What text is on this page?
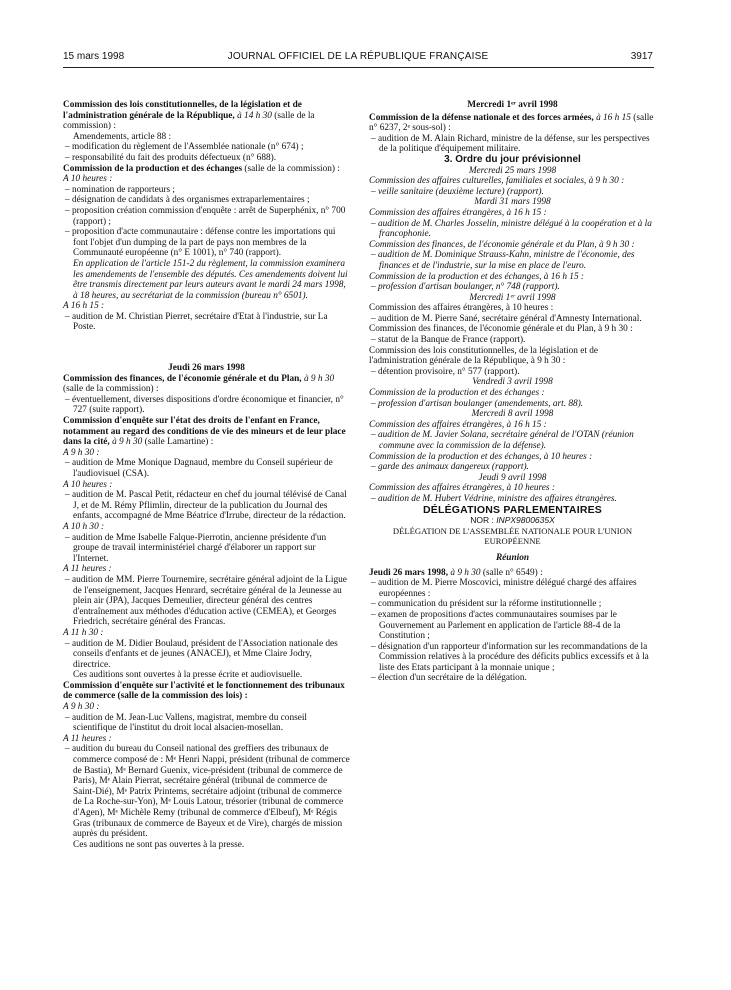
15 mars 1998	JOURNAL OFFICIEL DE LA RÉPUBLIQUE FRANÇAISE	3917

Commission des lois constitutionnelles, de la législation et de l'administration générale de la République, à 14 h 30 (salle de la commission) :

Amendements, article 88 :

– modification du règlement de l'Assemblée nationale (n° 674) ;
– responsabilité du fait des produits défectueux (n° 688).

Commission de la production et des échanges (salle de la commission) :

A 10 heures :

– nomination de rapporteurs ;
– désignation de candidats à des organismes extraparlementaires ;
– proposition création commission d'enquête : arrêt de Superphénix, n° 700 (rapport) ;
– proposition d'acte communautaire : défense contre les importations qui font l'objet d'un dumping de la part de pays non membres de la Communauté européenne (n° E 1001), n° 740 (rapport).

En application de l'article 151-2 du règlement, la commission examinera les amendements de l'ensemble des députés. Ces amendements doivent lui être transmis directement par leurs auteurs avant le mardi 24 mars 1998, à 18 heures, au secrétariat de la commission (bureau n° 6501).

A 16 h 15 :

– audition de M. Christian Pierret, secrétaire d'Etat à l'industrie, sur La Poste.
Jeudi 26 mars 1998

Commission des finances, de l'économie générale et du Plan, à 9 h 30 (salle de la commission) :

– éventuellement, diverses dispositions d'ordre économique et financier, n° 727 (suite rapport).

Commission d'enquête sur l'état des droits de l'enfant en France, notamment au regard des conditions de vie des mineurs et de leur place dans la cité, à 9 h 30 (salle Lamartine) :

A 9 h 30 :

– audition de Mme Monique Dagnaud, membre du Conseil supérieur de l'audiovisuel (CSA).

A 10 heures :

– audition de M. Pascal Petit, rédacteur en chef du journal télévisé de Canal J, et de M. Rémy Pflimlin, directeur de la publication du Journal des enfants, accompagné de Mme Béatrice d'Irrube, directeur de la rédaction.

A 10 h 30 :

– audition de Mme Isabelle Falque-Pierrotin, ancienne présidente d'un groupe de travail interministériel chargé d'élaborer un rapport sur l'Internet.

A 11 heures :

– audition de MM. Pierre Tournemire, secrétaire général adjoint de la Ligue de l'enseignement, Jacques Henrard, secrétaire général de la Jeunesse au plein air (JPA), Jacques Demeulier, directeur général des centres d'entraînement aux méthodes d'éducation active (CEMEA), et Georges Friedrich, secrétaire général des Francas.

A 11 h 30 :

– audition de M. Didier Boulaud, président de l'Association nationale des conseils d'enfants et de jeunes (ANACEJ), et Mme Claire Jodry, directrice.

Ces auditions sont ouvertes à la presse écrite et audiovisuelle.

Commission d'enquête sur l'activité et le fonctionnement des tribunaux de commerce (salle de la commission des lois) :

A 9 h 30 :

– audition de M. Jean-Luc Vallens, magistrat, membre du conseil scientifique de l'institut du droit local alsacien-mosellan.

A 11 heures :

– audition du bureau du Conseil national des greffiers des tribunaux de commerce composé de : Mᵉ Henri Nappi, président (tribunal de commerce de Bastia), Mᵉ Bernard Guenix, vice-président (tribunal de commerce de Paris), Mᵉ Alain Pierrat, secrétaire général (tribunal de commerce de Saint-Dié), Mᵉ Patrix Printems, secrétaire adjoint (tribunal de commerce de La Roche-sur-Yon), Mᵉ Louis Latour, trésorier (tribunal de commerce d'Agen), Mᵉ Michèle Remy (tribunal de commerce d'Elbeuf), Mᵉ Régis Gras (tribunaux de commerce de Bayeux et de Vire), chargés de mission auprès du président.

Ces auditions ne sont pas ouvertes à la presse.

Mercredi 1ᵉʳ avril 1998

Commission de la défense nationale et des forces armées, à 16 h 15 (salle n° 6237, 2ᵉ sous-sol) :

– audition de M. Alain Richard, ministre de la défense, sur les perspectives de la politique d'équipement militaire.
3. Ordre du jour prévisionnel
Mercredi 25 mars 1998

Commission des affaires culturelles, familiales et sociales, à 9 h 30 :

– veille sanitaire (deuxième lecture) (rapport).
Mardi 31 mars 1998

Commission des affaires étrangères, à 16 h 15 :

– audition de M. Charles Josselin, ministre délégué à la coopération et à la francophonie.

Commission des finances, de l'économie générale et du Plan, à 9 h 30 :

– audition de M. Dominique Strauss-Kahn, ministre de l'économie, des finances et de l'industrie, sur la mise en place de l'euro.

Commission de la production et des échanges, à 16 h 15 :

– profession d'artisan boulanger, n° 748 (rapport).
Mercredi 1ᵉʳ avril 1998

Commission des affaires étrangères, à 10 heures :

– audition de M. Pierre Sané, secrétaire général d'Amnesty International.

Commission des finances, de l'économie générale et du Plan, à 9 h 30 :

– statut de la Banque de France (rapport).

Commission des lois constitutionnelles, de la législation et de l'administration générale de la République, à 9 h 30 :

– détention provisoire, n° 577 (rapport).
Vendredi 3 avril 1998

Commission de la production et des échanges :

– profession d'artisan boulanger (amendements, art. 88).
Mercredi 8 avril 1998

Commission des affaires étrangères, à 16 h 15 :

– audition de M. Javier Solana, secrétaire général de l'OTAN (réunion commune avec la commission de la défense).

Commission de la production et des échanges, à 10 heures :

– garde des animaux dangereux (rapport).
Jeudi 9 avril 1998

Commission des affaires étrangères, à 10 heures :

– audition de M. Hubert Védrine, ministre des affaires étrangères.
DÉLÉGATIONS PARLEMENTAIRES
NOR : INPX9800635X

DÉLÉGATION DE L'ASSEMBLÉE NATIONALE POUR L'UNION EUROPÉENNE

Réunion

Jeudi 26 mars 1998, à 9 h 30 (salle n° 6549) :

– audition de M. Pierre Moscovici, ministre délégué chargé des affaires européennes :
– communication du président sur la réforme institutionnelle ;
– examen de propositions d'actes communautaires soumises par le Gouvernement au Parlement en application de l'article 88-4 de la Constitution ;
– désignation d'un rapporteur d'information sur les recommandations de la Commission relatives à la procédure des déficits publics excessifs et à la liste des Etats participant à la monnaie unique ;
– élection d'un secrétaire de la délégation.
